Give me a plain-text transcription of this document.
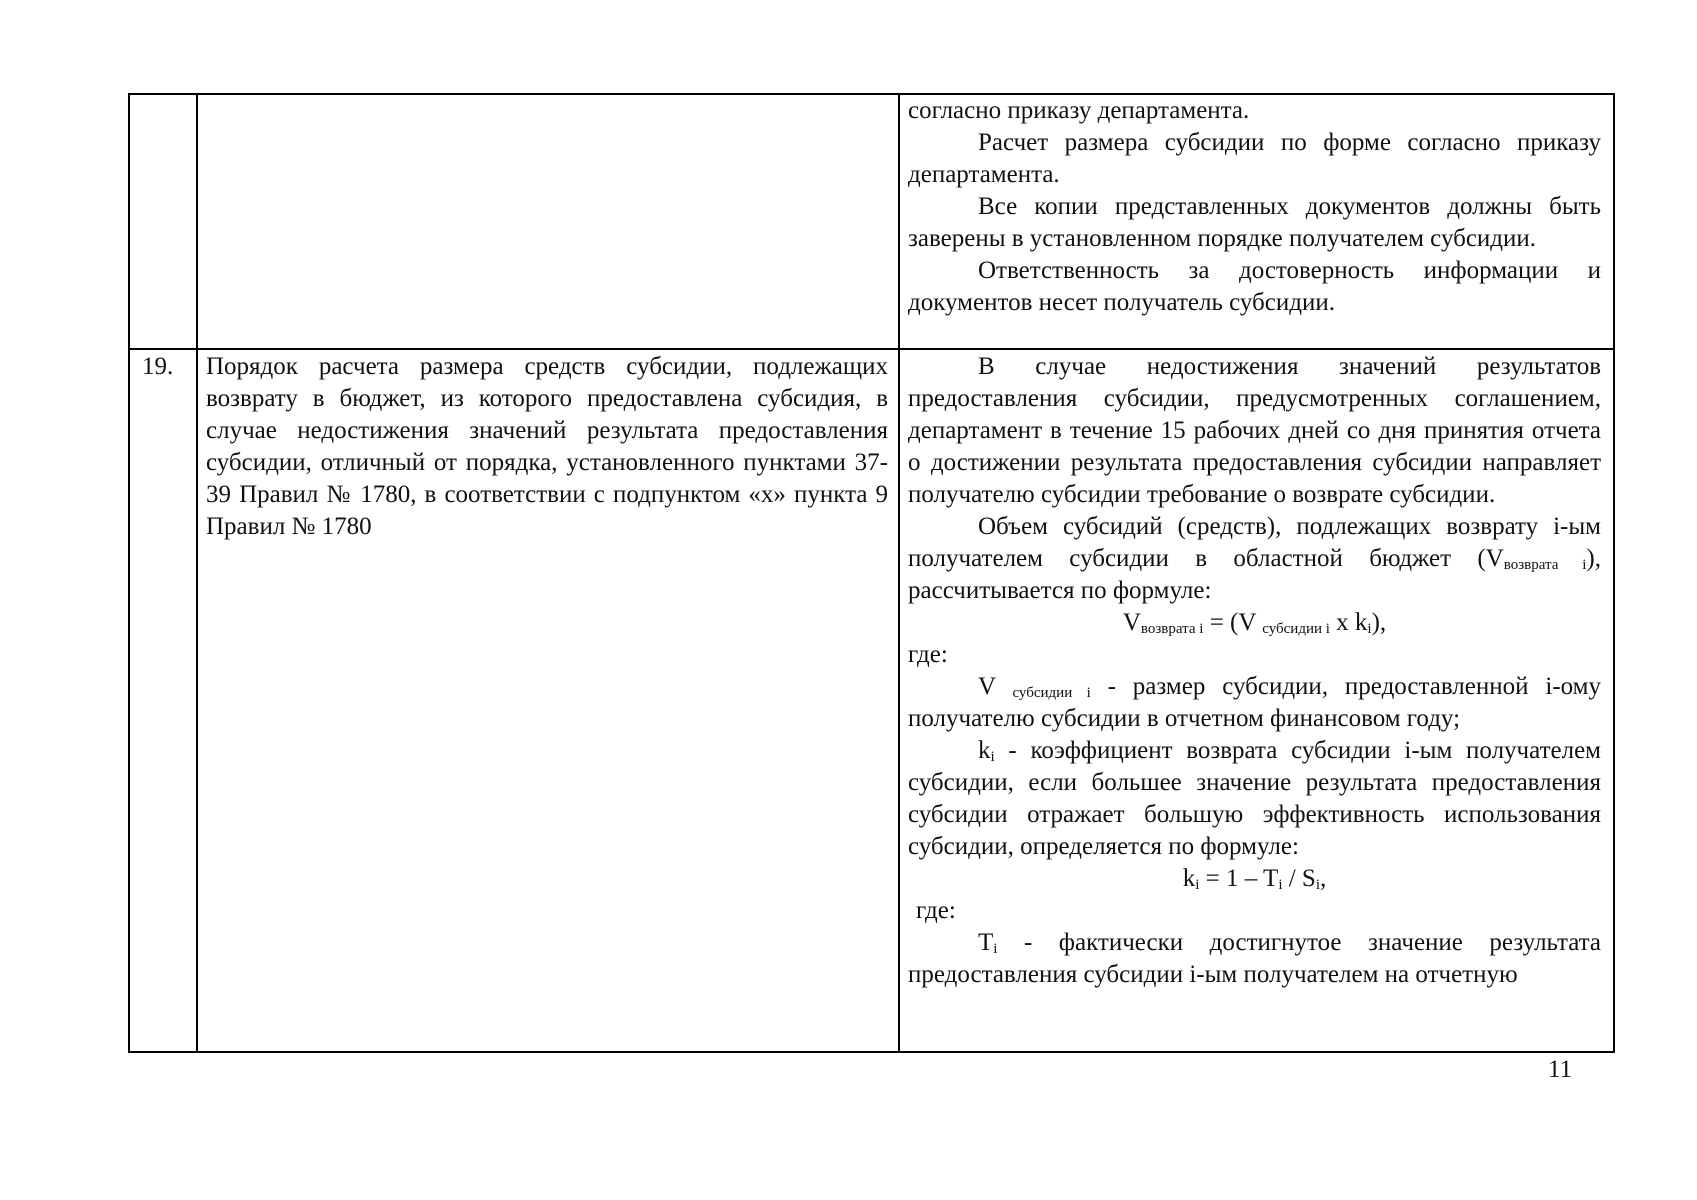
согласно приказу департамента.

Расчет размера субсидии по форме согласно приказу департамента.

Все копии представленных документов должны быть заверены в установленном порядке получателем субсидии.

Ответственность за достоверность информации и документов несет получатель субсидии.

19.	Порядок расчета размера средств субсидии, подлежащих возврату в бюджет, из которого предоставлена субсидия, в случае недостижения значений результата предоставления субсидии, отличный от порядка, установленного пунктами 37-39 Правил № 1780, в соответствии с подпунктом «х» пункта 9 Правил № 1780

В случае недостижения значений результатов предоставления субсидии, предусмотренных соглашением, департамент в течение 15 рабочих дней со дня принятия отчета о достижении результата предоставления субсидии направляет получателю субсидии требование о возврате субсидии.

Объем субсидий (средств), подлежащих возврату i-ым получателем субсидии в областной бюджет $(V_{возврата i})$, рассчитывается по формуле:

$V_{возврата i} = (V$ $_{субсидии i}$ х $k_i$),

где:

V $_{субсидии i}$ - размер субсидии, предоставленной i-ому получателю субсидии в отчетном финансовом году;

$k_i$ - коэффициент возврата субсидии i-ым получателем субсидии, если большее значение результата предоставления субсидии отражает большую эффективность использования субсидии, определяется по формуле:

$k_i = 1 - T_i / S_i$,

где:

$T_i$ - фактически достигнутое значение результата предоставления субсидии i-ым получателем на отчетную

11
